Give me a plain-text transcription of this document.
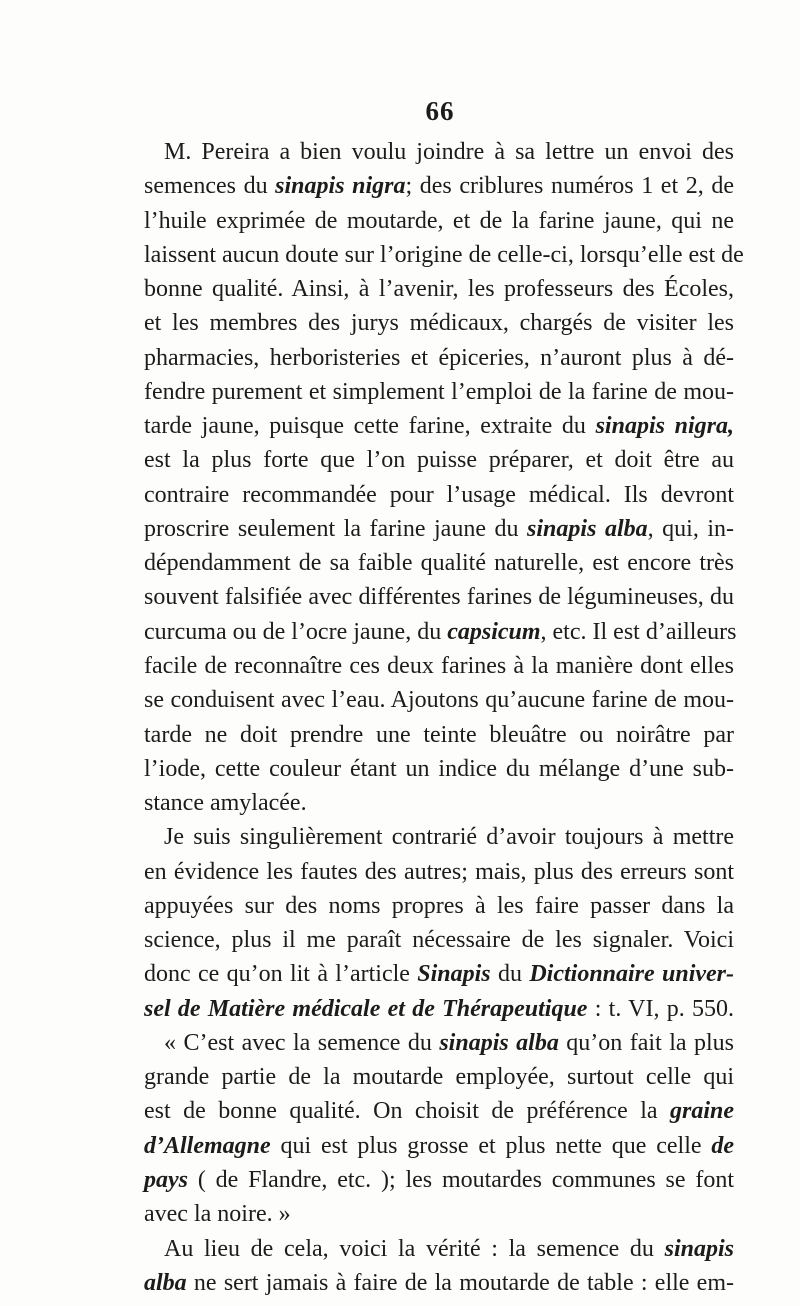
66
M. Pereira a bien voulu joindre à sa lettre un envoi des
semences du sinapis nigra; des criblures numéros 1 et 2, de
l’huile exprimée de moutarde, et de la farine jaune, qui ne
laissent aucun doute sur l’origine de celle-ci, lorsqu’elle est de
bonne qualité. Ainsi, à l’avenir, les professeurs des Écoles,
et les membres des jurys médicaux, chargés de visiter les
pharmacies, herboristeries et épiceries, n’auront plus à dé-
fendre purement et simplement l’emploi de la farine de mou-
tarde jaune, puisque cette farine, extraite du sinapis nigra,
est la plus forte que l’on puisse préparer, et doit être au
contraire recommandée pour l’usage médical. Ils devront
proscrire seulement la farine jaune du sinapis alba, qui, in-
dépendamment de sa faible qualité naturelle, est encore très
souvent falsifiée avec différentes farines de légumineuses, du
curcuma ou de l’ocre jaune, du capsicum, etc. Il est d’ailleurs
facile de reconnaître ces deux farines à la manière dont elles
se conduisent avec l’eau. Ajoutons qu’aucune farine de mou-
tarde ne doit prendre une teinte bleuâtre ou noirâtre par
l’iode, cette couleur étant un indice du mélange d’une sub-
stance amylacée.
Je suis singulièrement contrarié d’avoir toujours à mettre
en évidence les fautes des autres; mais, plus des erreurs sont
appuyées sur des noms propres à les faire passer dans la
science, plus il me paraît nécessaire de les signaler. Voici
donc ce qu’on lit à l’article Sinapis du Dictionnaire univer-
sel de Matière médicale et de Thérapeutique : t. VI, p. 550.
« C’est avec la semence du sinapis alba qu’on fait la plus
grande partie de la moutarde employée, surtout celle qui
est de bonne qualité. On choisit de préférence la graine
d’Allemagne qui est plus grosse et plus nette que celle de
pays ( de Flandre, etc. ); les moutardes communes se font
avec la noire. »
Au lieu de cela, voici la vérité : la semence du sinapis
alba ne sert jamais à faire de la moutarde de table : elle em-
